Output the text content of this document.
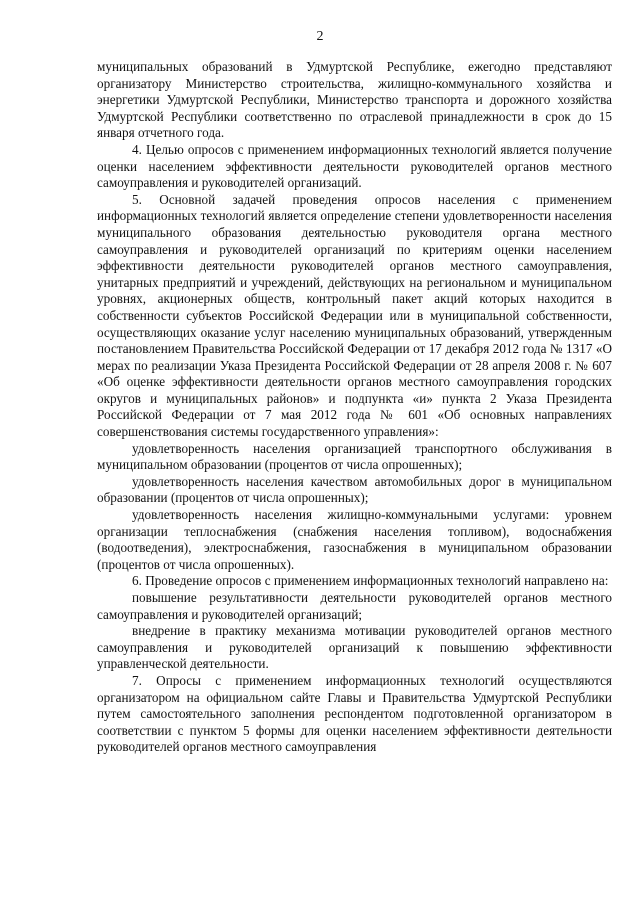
2

муниципальных образований в Удмуртской Республике, ежегодно представляют организатору Министерство строительства, жилищно-коммунального хозяйства и энергетики Удмуртской Республики, Министерство транспорта и дорожного хозяйства Удмуртской Республики соответственно по отраслевой принадлежности в срок до 15 января отчетного года.

4. Целью опросов с применением информационных технологий является получение оценки населением эффективности деятельности руководителей органов местного самоуправления и руководителей организаций.

5. Основной задачей проведения опросов населения с применением информационных технологий является определение степени удовлетворенности населения муниципального образования деятельностью руководителя органа местного самоуправления и руководителей организаций по критериям оценки населением эффективности деятельности руководителей органов местного самоуправления, унитарных предприятий и учреждений, действующих на региональном и муниципальном уровнях, акционерных обществ, контрольный пакет акций которых находится в собственности субъектов Российской Федерации или в муниципальной собственности, осуществляющих оказание услуг населению муниципальных образований, утвержденным постановлением Правительства Российской Федерации от 17 декабря 2012 года № 1317 «О мерах по реализации Указа Президента Российской Федерации от 28 апреля 2008 г. № 607 «Об оценке эффективности деятельности органов местного самоуправления городских округов и муниципальных районов» и подпункта «и» пункта 2 Указа Президента Российской Федерации от 7 мая 2012 года № 601 «Об основных направлениях совершенствования системы государственного управления»:

удовлетворенность населения организацией транспортного обслуживания в муниципальном образовании (процентов от числа опрошенных);

удовлетворенность населения качеством автомобильных дорог в муниципальном образовании (процентов от числа опрошенных);

удовлетворенность населения жилищно-коммунальными услугами: уровнем организации теплоснабжения (снабжения населения топливом), водоснабжения (водоотведения), электроснабжения, газоснабжения в муниципальном образовании (процентов от числа опрошенных).

6. Проведение опросов с применением информационных технологий направлено на:

повышение результативности деятельности руководителей органов местного самоуправления и руководителей организаций;

внедрение в практику механизма мотивации руководителей органов местного самоуправления и руководителей организаций к повышению эффективности управленческой деятельности.

7. Опросы с применением информационных технологий осуществляются организатором на официальном сайте Главы и Правительства Удмуртской Республики путем самостоятельного заполнения респондентом подготовленной организатором в соответствии с пунктом 5 формы для оценки населением эффективности деятельности руководителей органов местного самоуправления
